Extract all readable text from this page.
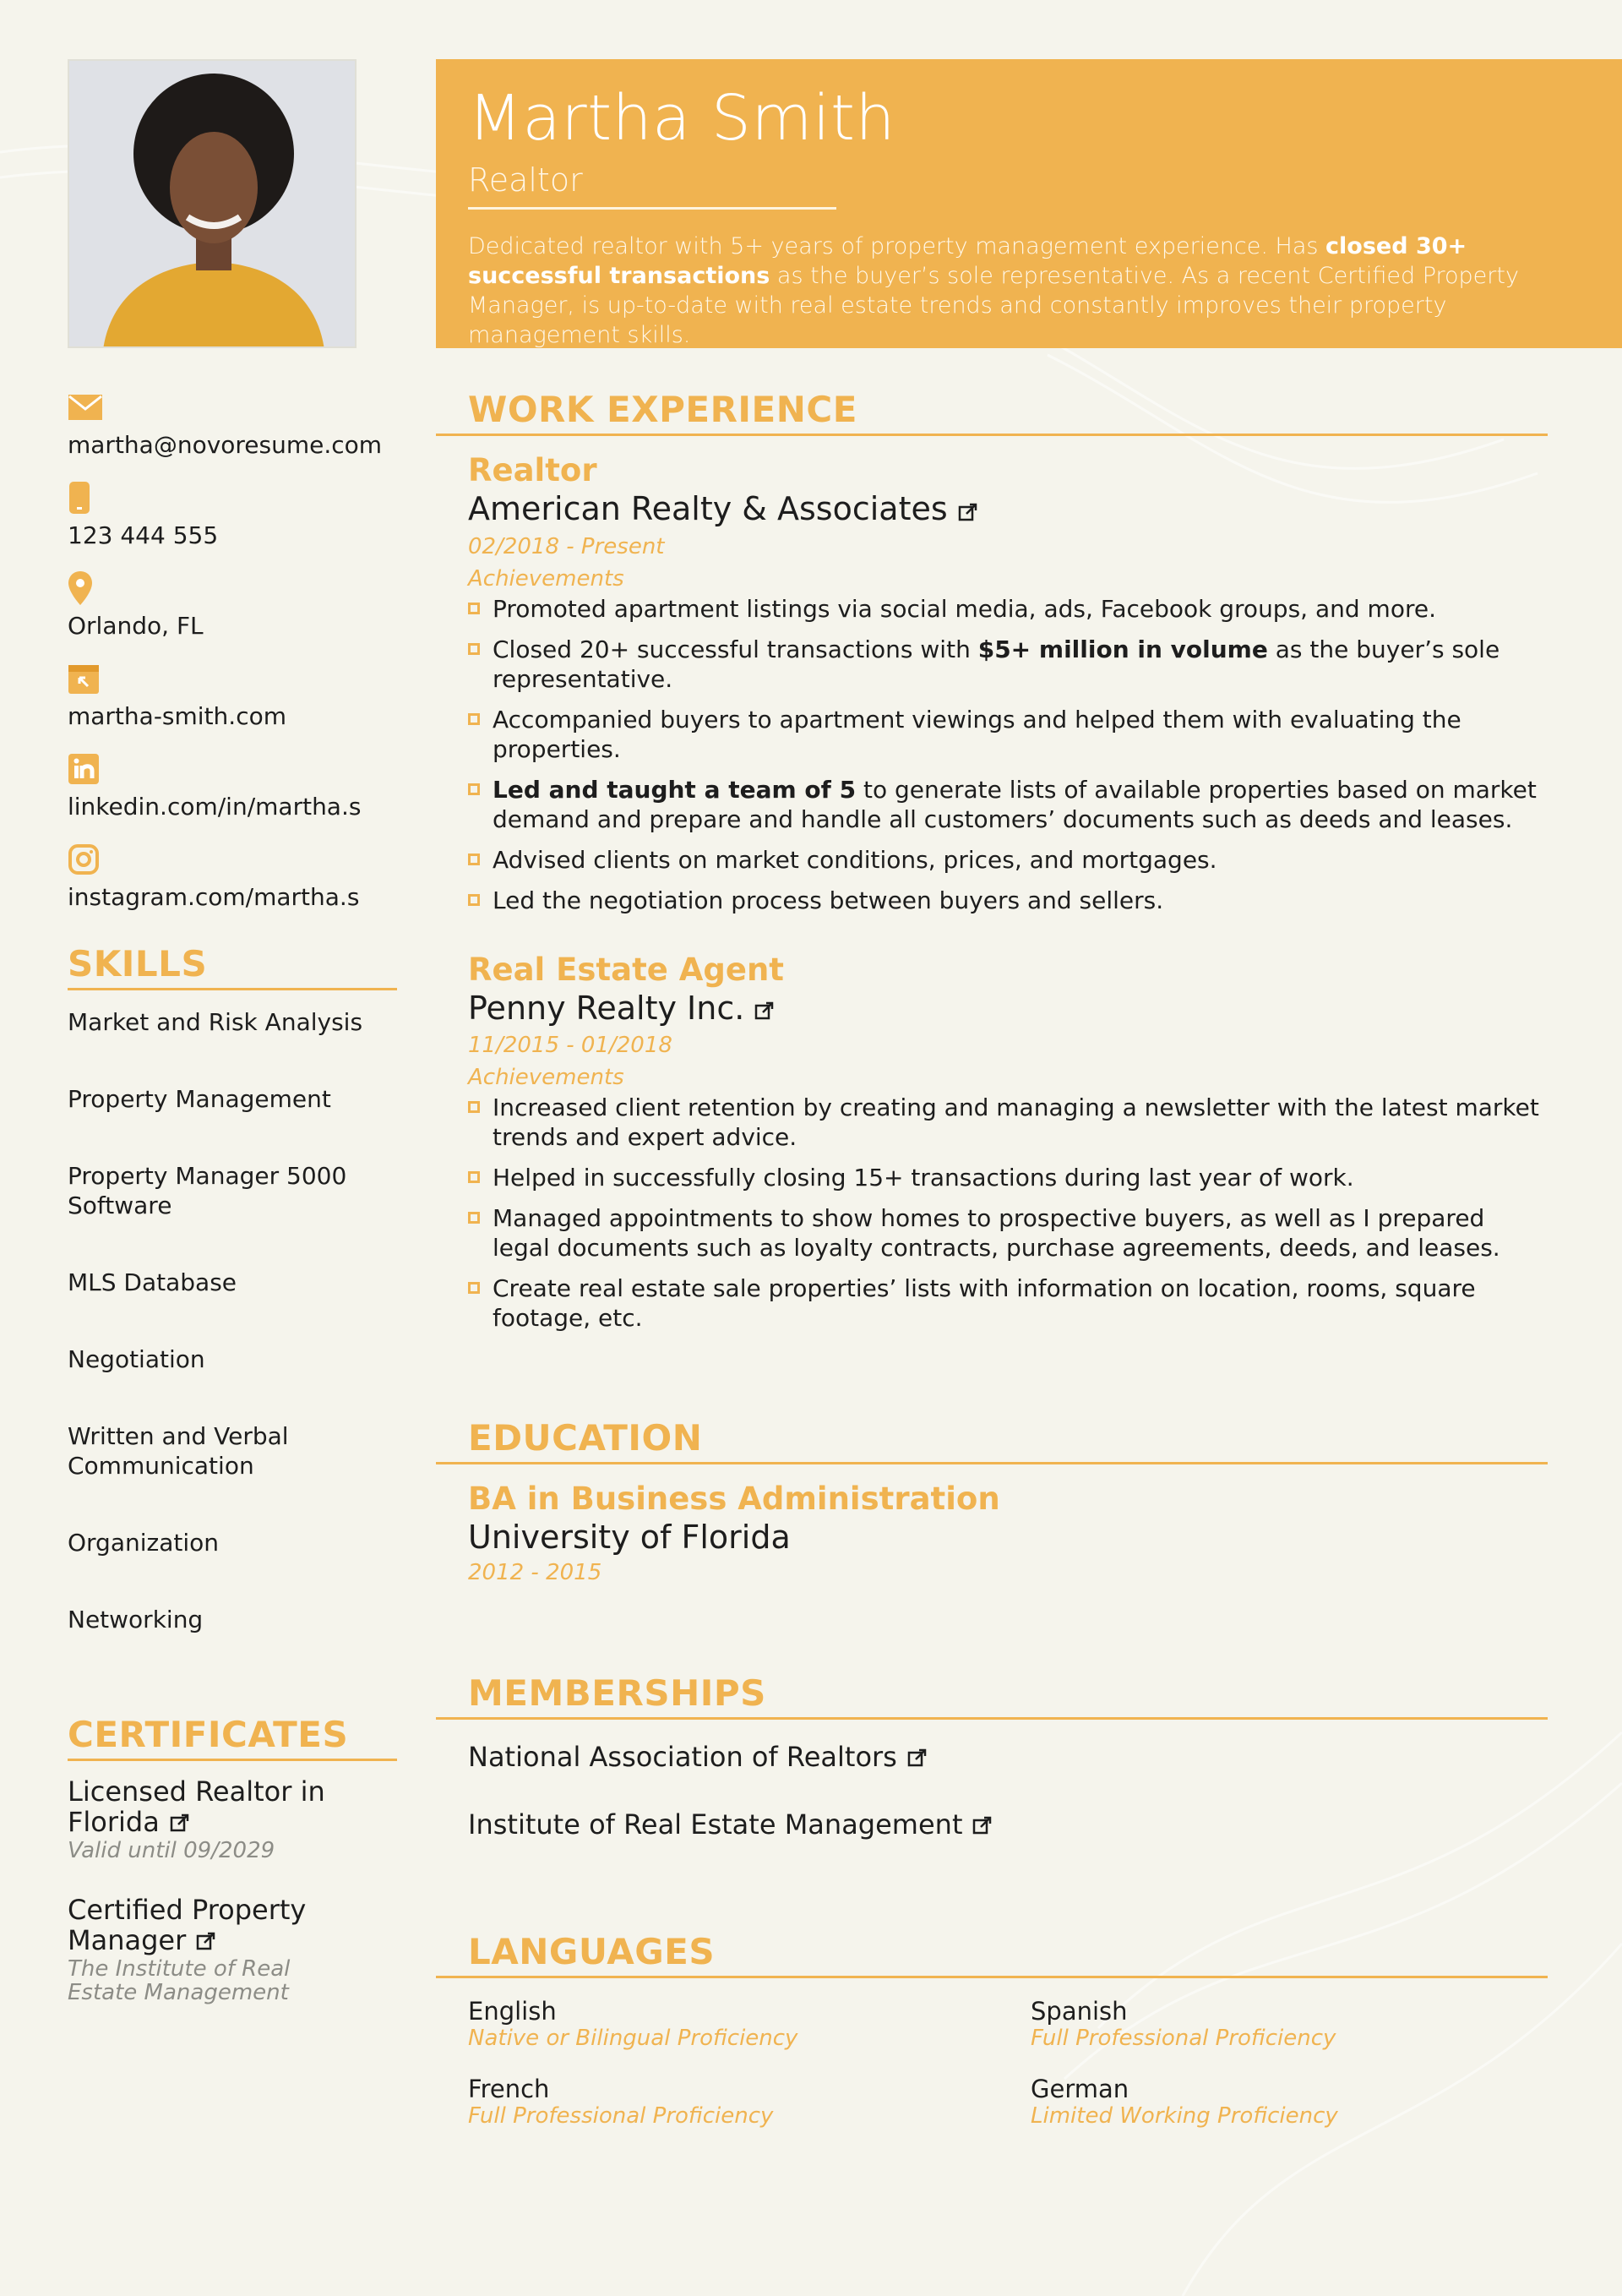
Martha Smith
Realtor
Dedicated realtor with 5+ years of property management experience. Has closed 30+ successful transactions as the buyer’s sole representative. As a recent Certified Property Manager, is up-to-date with real estate trends and constantly improves their property management skills.
martha@novoresume.com
123 444 555
Orlando, FL
martha-smith.com
linkedin.com/in/martha.s
instagram.com/martha.s
SKILLS
Market and Risk Analysis
Property Management
Property Manager 5000 Software
MLS Database
Negotiation
Written and Verbal Communication
Organization
Networking
CERTIFICATES
Licensed Realtor in Florida
Valid until 09/2029
Certified Property Manager
The Institute of Real Estate Management
WORK EXPERIENCE
Realtor
American Realty & Associates
02/2018 - Present
Achievements
Promoted apartment listings via social media, ads, Facebook groups, and more.
Closed 20+ successful transactions with $5+ million in volume as the buyer’s sole representative.
Accompanied buyers to apartment viewings and helped them with evaluating the properties.
Led and taught a team of 5 to generate lists of available properties based on market demand and prepare and handle all customers’ documents such as deeds and leases.
Advised clients on market conditions, prices, and mortgages.
Led the negotiation process between buyers and sellers.
Real Estate Agent
Penny Realty Inc.
11/2015 - 01/2018
Achievements
Increased client retention by creating and managing a newsletter with the latest market trends and expert advice.
Helped in successfully closing 15+ transactions during last year of work.
Managed appointments to show homes to prospective buyers, as well as I prepared legal documents such as loyalty contracts, purchase agreements, deeds, and leases.
Create real estate sale properties’ lists with information on location, rooms, square footage, etc.
EDUCATION
BA in Business Administration
University of Florida
2012 - 2015
MEMBERSHIPS
National Association of Realtors
Institute of Real Estate Management
LANGUAGES
English
Native or Bilingual Proficiency
Spanish
Full Professional Proficiency
French
Full Professional Proficiency
German
Limited Working Proficiency
